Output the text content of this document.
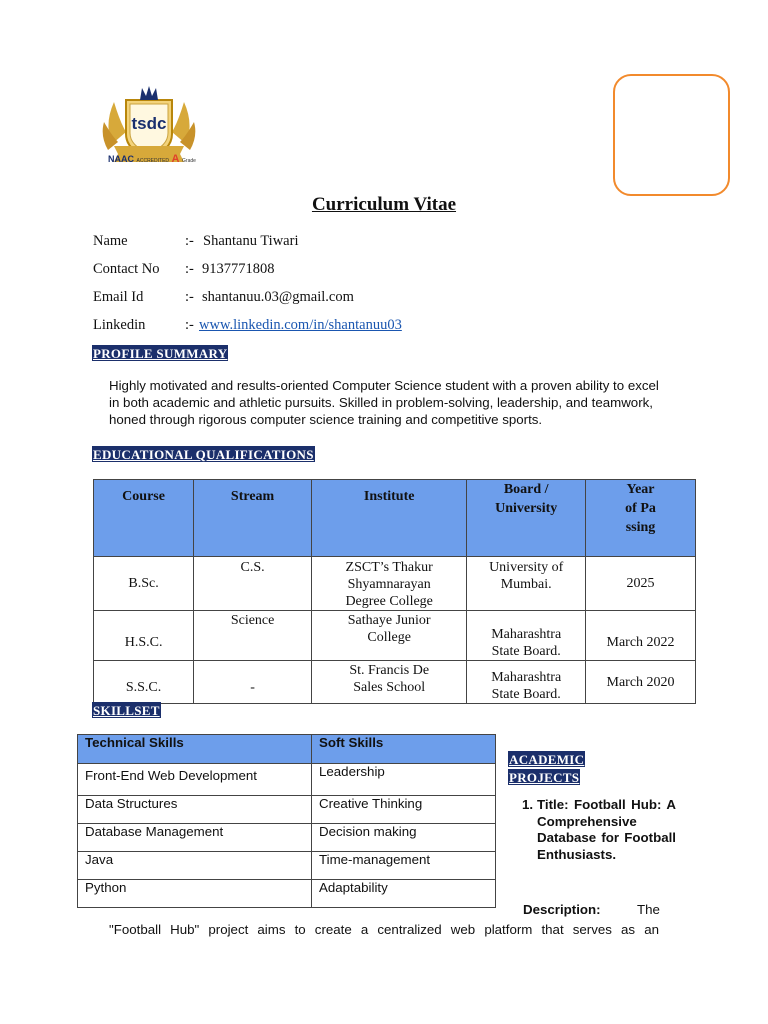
tsdc
NAAC ACCREDITED A Grade
Curriculum Vitae
Name	:- Shantanu Tiwari
Contact No :- 9137771808
Email Id	:- shantanuu.03@gmail.com
Linkedin	:- www.linkedin.com/in/shantanuu03
PROFILE SUMMARY
Highly motivated and results-oriented Computer Science student with a proven ability to excel in both academic and athletic pursuits. Skilled in problem-solving, leadership, and teamwork, honed through rigorous computer science training and competitive sports.
EDUCATIONAL QUALIFICATIONS
Course	Stream	Institute	Board / University	Year of Passing

B.Sc.	C.S.	ZSCT’s Thakur Shyamnarayan Degree College	University of Mumbai.	2025
H.S.C.	Science	Sathaye Junior College	Maharashtra State Board.	March 2022
S.S.C.	-	St. Francis De Sales School	Maharashtra State Board.	March 2020
SKILLSET
Technical Skills	Soft Skills
Front-End Web Development	Leadership
Data Structures	Creative Thinking
Database Management	Decision making
Java	Time-management
Python	Adaptability
ACADEMIC
PROJECTS
1. Title: Football Hub: A Comprehensive Database for Football Enthusiasts.
Description:	The "Football Hub" project aims to create a centralized web platform that serves as an
